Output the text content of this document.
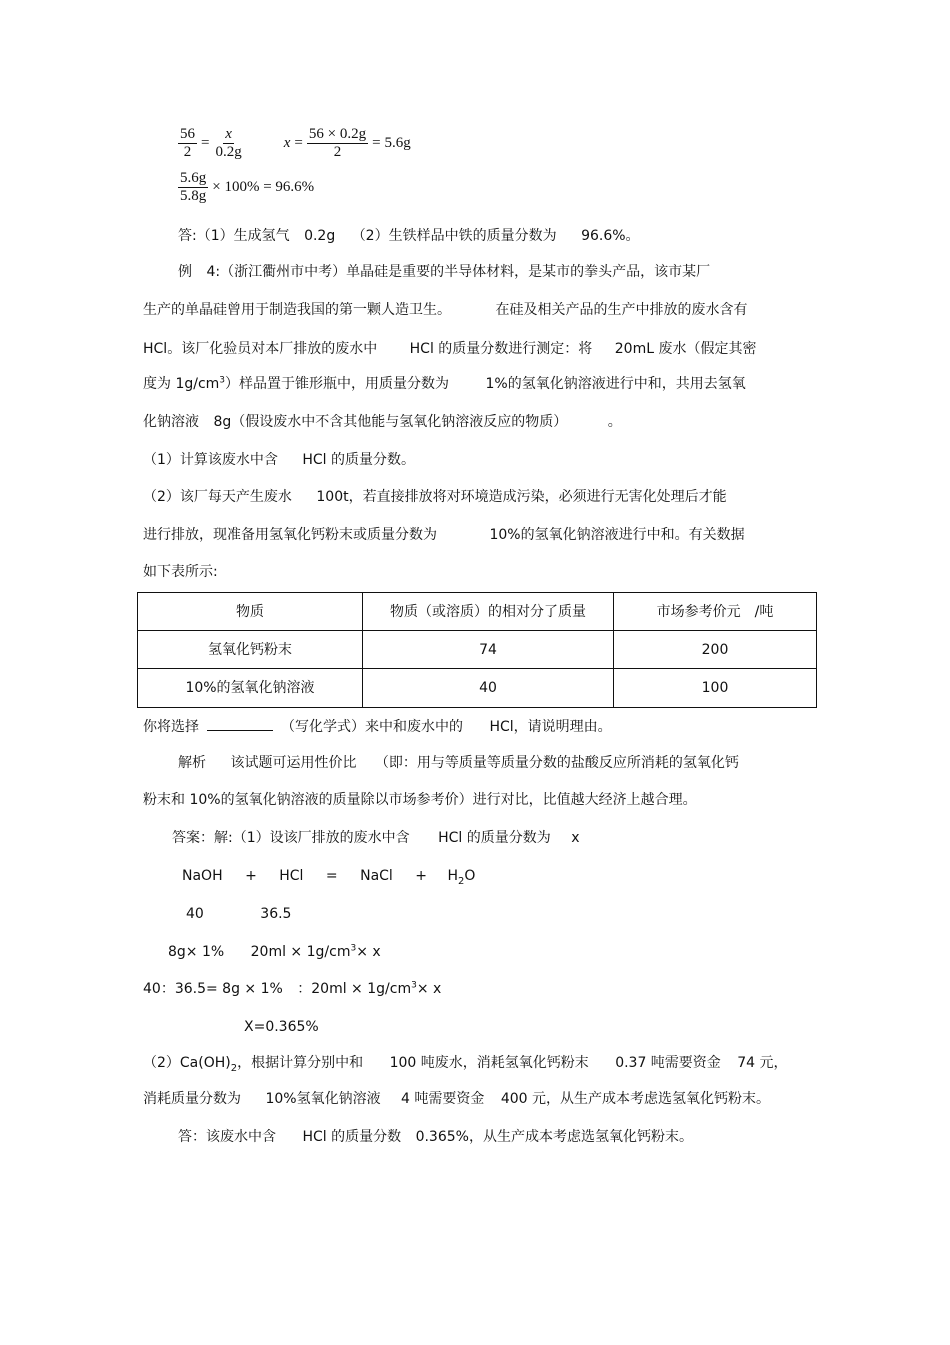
$\frac{56}{2} = \frac{x}{0.2g}$	$x = \frac{56 \times 0.2g}{2} = 5.6g$
$\frac{5.6g}{5.8g} \times 100\% = 96.6\%$
答:（1）生成氢气 0.2g （2）生铁样品中铁的质量分数为 96.6%。
例 4:（浙江衢州市中考）单晶硅是重要的半导体材料，是某市的拳头产品，该市某厂
生产的单晶硅曾用于制造我国的第一颗人造卫生。	在硅及相关产品的生产中排放的废水含有
HCl。该厂化验员对本厂排放的废水中 HCl 的质量分数进行测定：将 20mL 废水（假定其密
度为 $1g/cm^3$）样品置于锥形瓶中，用质量分数为	1%的氢氧化钠溶液进行中和，共用去氢氧
化钠溶液 8g（假设废水中不含其他能与氢氧化钠溶液反应的物质）	。
（1）计算该废水中含 HCl 的质量分数。
（2）该厂每天产生废水 100t，若直接排放将对环境造成污染，必须进行无害化处理后才能
进行排放，现准备用氢氧化钙粉末或质量分数为	10%的氢氧化钠溶液进行中和。有关数据
如下表所示:
物质	物质（或溶质）的相对分了质量	市场参考价元　/吨
氢氧化钙粉末	74	200
10%的氢氧化钠溶液	40	100
你将选择	（写化学式）来中和废水中的 HCl，请说明理由。
解析 该试题可运用性价比 （即：用与等质量等质量分数的盐酸反应所消耗的氢氧化钙
粉末和 10%的氢氧化钠溶液的质量除以市场参考价）进行对比，比值越大经济上越合理。
答案：解:（1）设该厂排放的废水中含 HCl 的质量分数为 x
NaOH + HCl = NaCl + $H_2O$
40	36.5
8g× 1% $20ml \times 1g/cm^3\times x$
40：36.5= 8g × 1% ：$20ml \times 1g/cm^3\times x$
X=0.365%
$(2)Ca(OH)_2$，根据计算分别中和 100 吨废水，消耗氢氧化钙粉末 0.37 吨需要资金 74 元，
消耗质量分数为 10%氢氧化钠溶液 4 吨需要资金 400 元，从生产成本考虑选氢氧化钙粉末。
答：该废水中含 HCl 的质量分数 0.365%，从生产成本考虑选氢氧化钙粉末。
